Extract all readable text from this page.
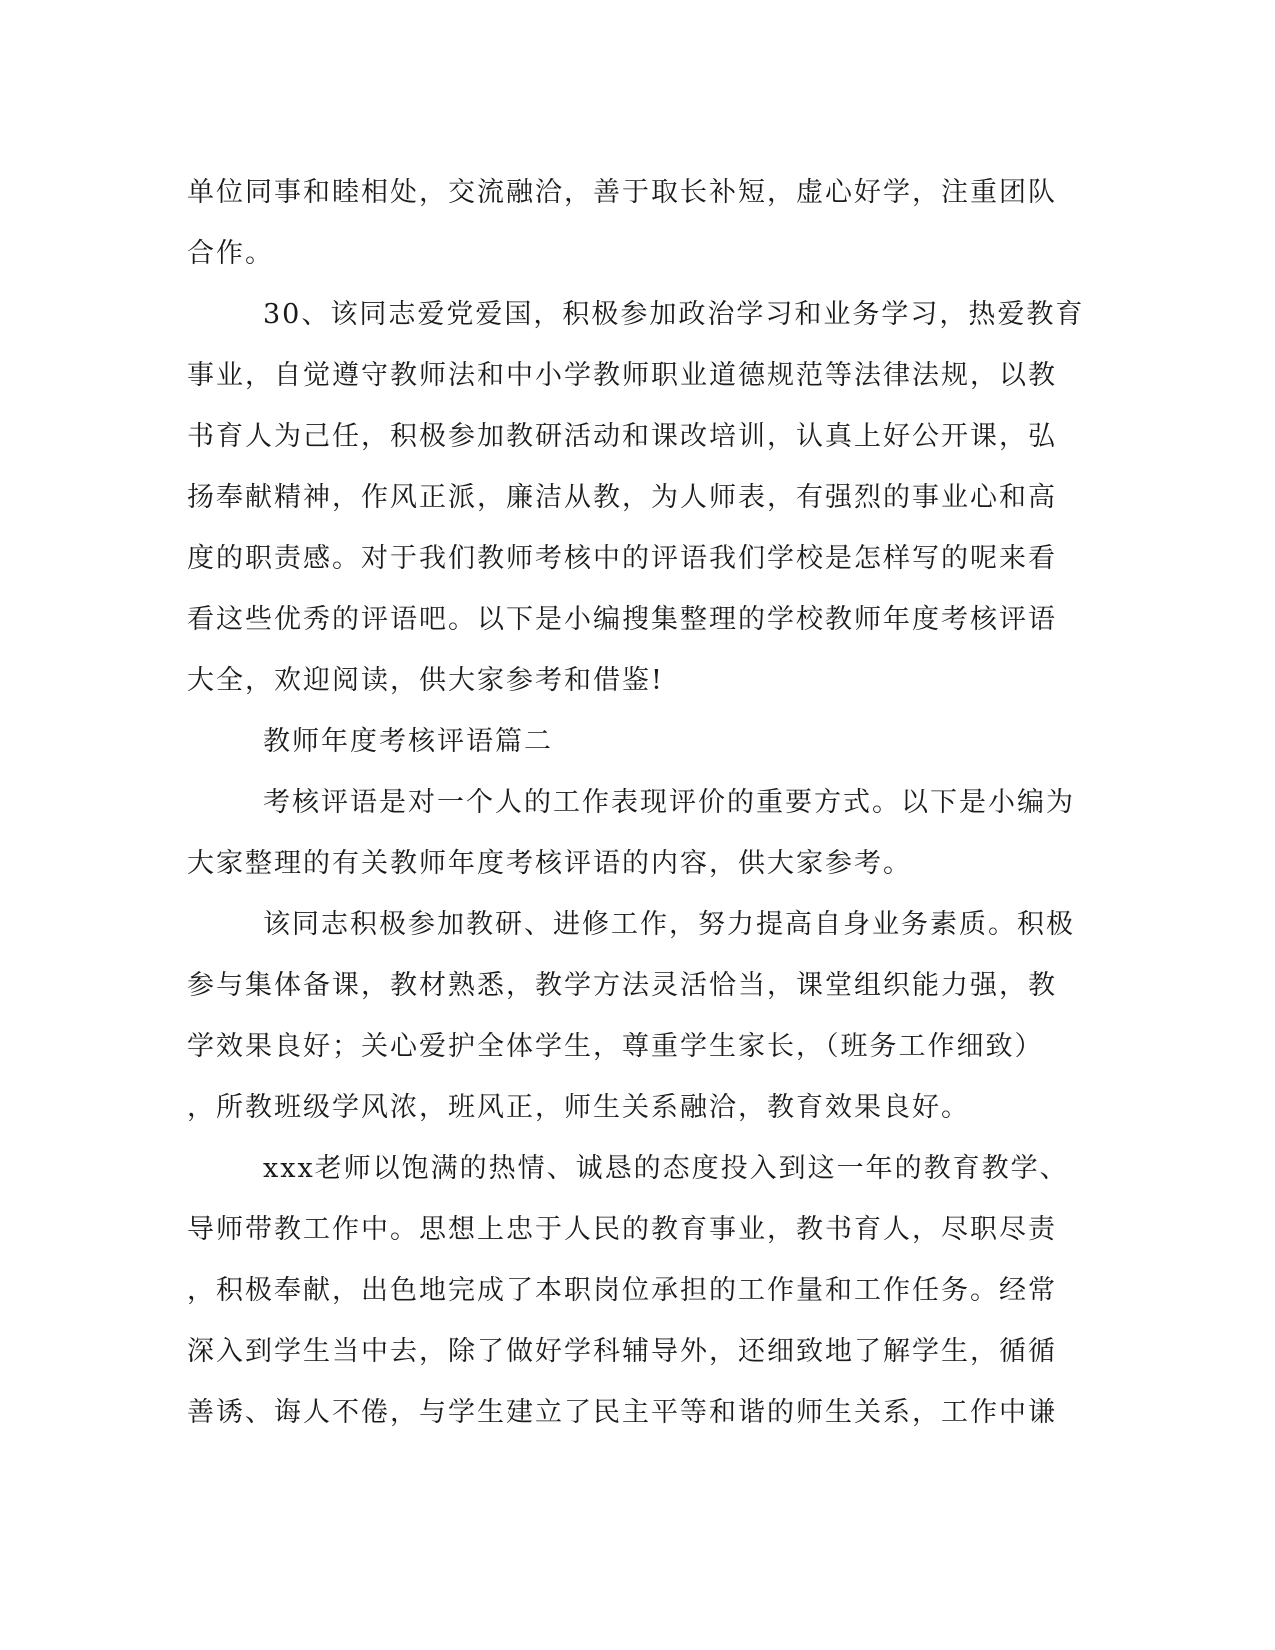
单位同事和睦相处，交流融洽，善于取长补短，虚心好学，注重团队
合作。
30、该同志爱党爱国，积极参加政治学习和业务学习，热爱教育
事业，自觉遵守教师法和中小学教师职业道德规范等法律法规，以教
书育人为己任，积极参加教研活动和课改培训，认真上好公开课，弘
扬奉献精神，作风正派，廉洁从教，为人师表，有强烈的事业心和高
度的职责感。对于我们教师考核中的评语我们学校是怎样写的呢来看
看这些优秀的评语吧。以下是小编搜集整理的学校教师年度考核评语
大全，欢迎阅读，供大家参考和借鉴!
教师年度考核评语篇二
考核评语是对一个人的工作表现评价的重要方式。以下是小编为
大家整理的有关教师年度考核评语的内容，供大家参考。
该同志积极参加教研、进修工作，努力提高自身业务素质。积极
参与集体备课，教材熟悉，教学方法灵活恰当，课堂组织能力强，教
学效果良好；关心爱护全体学生，尊重学生家长，（班务工作细致）
，所教班级学风浓，班风正，师生关系融洽，教育效果良好。
xxx老师以饱满的热情、诚恳的态度投入到这一年的教育教学、
导师带教工作中。思想上忠于人民的教育事业，教书育人，尽职尽责
，积极奉献，出色地完成了本职岗位承担的工作量和工作任务。经常
深入到学生当中去，除了做好学科辅导外，还细致地了解学生，循循
善诱、诲人不倦，与学生建立了民主平等和谐的师生关系，工作中谦
